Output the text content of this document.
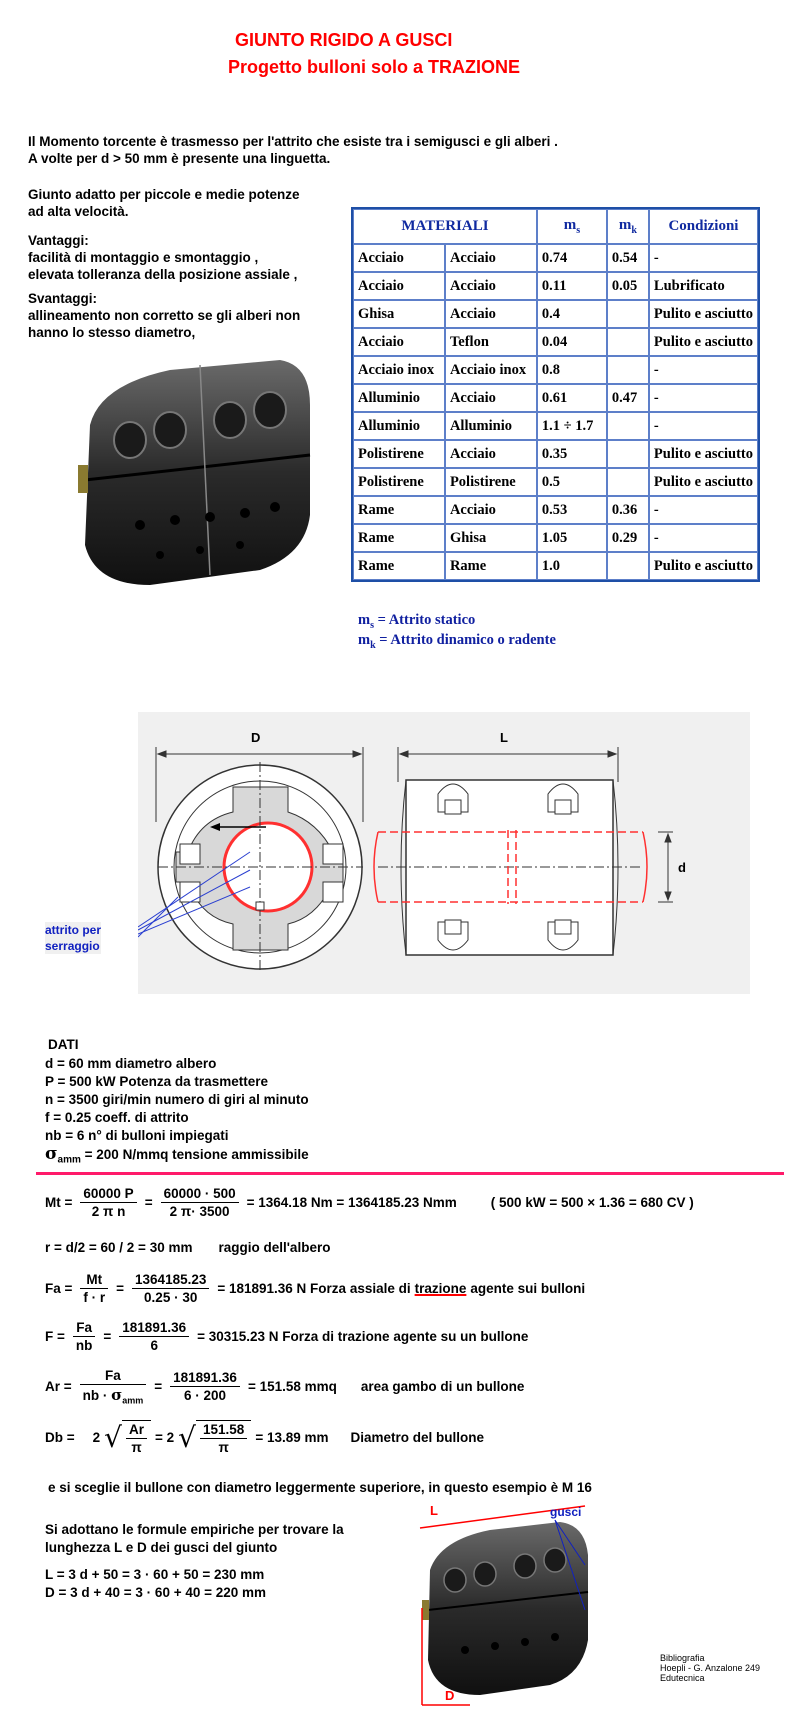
GIUNTO RIGIDO A GUSCI
Progetto bulloni solo a TRAZIONE
Il Momento torcente è trasmesso per l'attrito che esiste tra i semigusci e gli alberi .
A volte per d > 50 mm è presente una linguetta.
Giunto adatto per piccole e medie potenze
ad alta velocità.
Vantaggi:
facilità di montaggio e smontaggio ,
elevata tolleranza della posizione assiale ,
Svantaggi:
allineamento non corretto se gli alberi non
hanno lo stesso diametro,
MATERIALI		$m_s$	$m_k$	Condizioni
Acciaio	Acciaio	0.74	0.54	-
Acciaio	Acciaio	0.11	0.05	Lubrificato
Ghisa	Acciaio	0.4		Pulito e asciutto
Acciaio	Teflon	0.04		Pulito e asciutto
Acciaio inox	Acciaio inox	0.8		-
Alluminio	Acciaio	0.61	0.47	-
Alluminio	Alluminio	1.1 ÷ 1.7		-
Polistirene	Acciaio	0.35		Pulito e asciutto
Polistirene	Polistirene	0.5		Pulito e asciutto
Rame	Acciaio	0.53	0.36	-
Rame	Ghisa	1.05	0.29	-
Rame	Rame	1.0		Pulito e asciutto
$m_s$ = Attrito statico
$m_k$ = Attrito dinamico o radente
D	L
d
attrito per
serraggio
DATI
d = 60 mm diametro albero
P = 500 kW Potenza da trasmettere
n = 3500 giri/min numero di giri al minuto
f = 0.25 coeff. di attrito
nb = 6 n° di bulloni impiegati
$\sigma_{amm} = 200$ N/mmq tensione ammissibile
$Mt = \frac{60000 P}{\text{2 π n}} = \frac{60000 \cdot 500}{2 \pi\cdot 3500} = 1364.18$ Nm = 1364185.23 Nmm	( 500 kW = 500 × 1.36 = 680 CV )
r = d/2 = 60 / 2 = 30 mm raggio dell'albero
$Fa = \frac{Mt}{f \cdot r} = \frac{1364185.23}{0.25 \cdot 30} = 181891.36$ N Forza assiale di trazione agente sui bulloni
$F = \frac{Fa}{nb} = \frac{181891.36}{6} = 30315.23$ N Forza di trazione agente su un bullone
$Ar = \frac{Fa}{nb \cdot \sigma_{amm}} = \frac{181891.36}{6 \cdot 200} = 151.58$ mmq area gambo di un bullone
Db = 2 √ $\frac{Ar}{\pi} = 2$ √ $\frac{151.58}{\pi} = 13.89$ mm Diametro del bullone
e si sceglie il bullone con diametro leggermente superiore, in questo esempio è M 16
Si adottano le formule empiriche per trovare la
lunghezza L e D dei gusci del giunto
L = 3 d + 50 = 3 · 60 + 50 = 230 mm
D = 3 d + 40 = 3 · 60 + 40 = 220 mm
L	gusci
D
Bibliografia
Hoepli - G. Anzalone 249
Edutecnica
